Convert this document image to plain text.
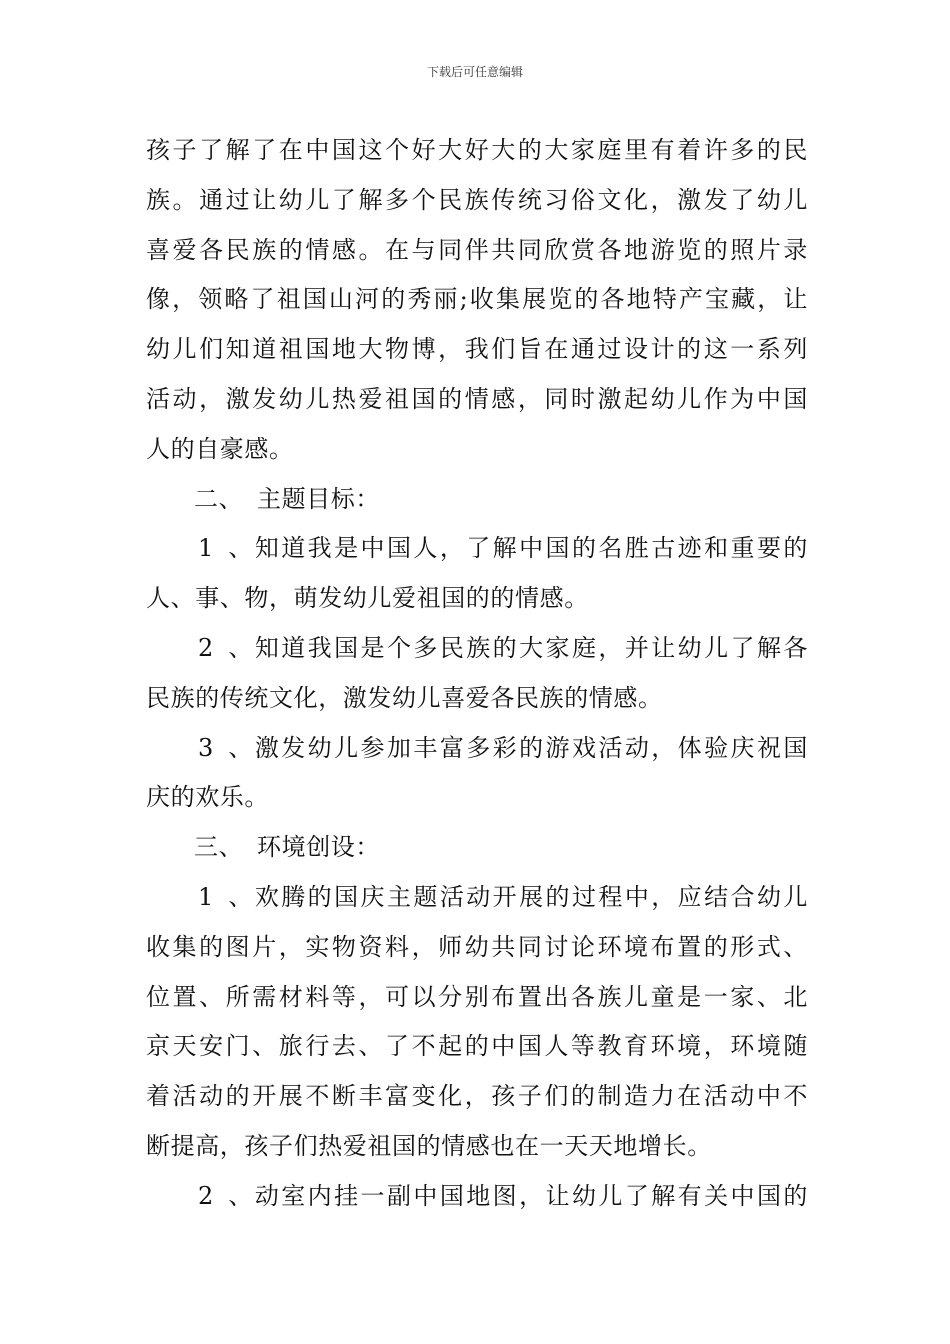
下载后可任意编辑
孩子了解了在中国这个好大好大的大家庭里有着许多的民
族。通过让幼儿了解多个民族传统习俗文化，激发了幼儿
喜爱各民族的情感。在与同伴共同欣赏各地游览的照片录
像，领略了祖国山河的秀丽;收集展览的各地特产宝藏，让
幼儿们知道祖国地大物博，我们旨在通过设计的这一系列
活动，激发幼儿热爱祖国的情感，同时激起幼儿作为中国
人的自豪感。
二、 主题目标：
1、知道我是中国人，了解中国的名胜古迹和重要的
人、事、物，萌发幼儿爱祖国的的情感。
2、知道我国是个多民族的大家庭，并让幼儿了解各
民族的传统文化，激发幼儿喜爱各民族的情感。
3、激发幼儿参加丰富多彩的游戏活动，体验庆祝国
庆的欢乐。
三、 环境创设：
1、欢腾的国庆主题活动开展的过程中，应结合幼儿
收集的图片，实物资料，师幼共同讨论环境布置的形式、
位置、所需材料等，可以分别布置出各族儿童是一家、北
京天安门、旅行去、了不起的中国人等教育环境，环境随
着活动的开展不断丰富变化，孩子们的制造力在活动中不
断提高，孩子们热爱祖国的情感也在一天天地增长。
2、动室内挂一副中国地图，让幼儿了解有关中国的
